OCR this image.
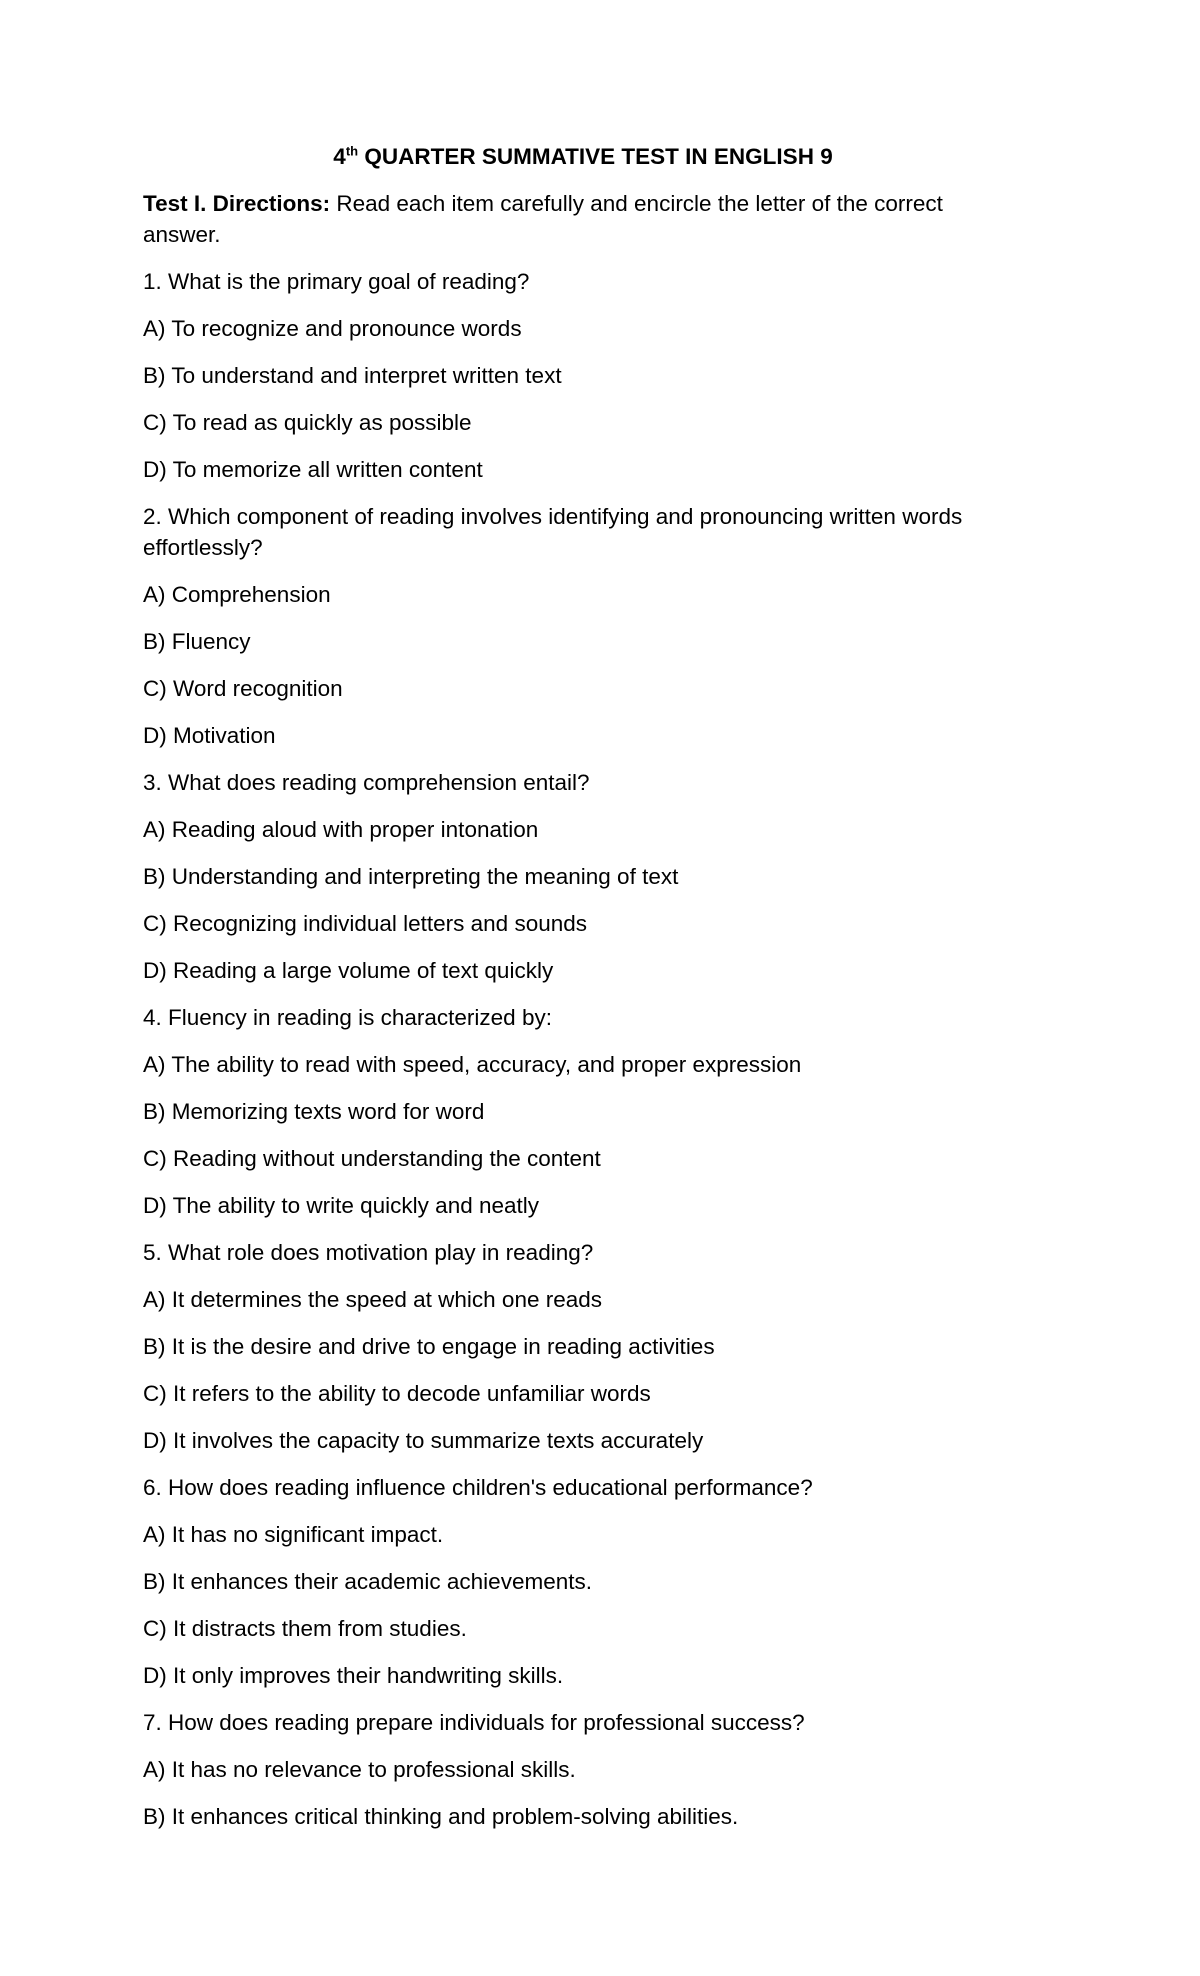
4th QUARTER SUMMATIVE TEST IN ENGLISH 9
Test I. Directions: Read each item carefully and encircle the letter of the correct answer.
1. What is the primary goal of reading?
A) To recognize and pronounce words
B) To understand and interpret written text
C) To read as quickly as possible
D) To memorize all written content
2. Which component of reading involves identifying and pronouncing written words effortlessly?
A) Comprehension
B) Fluency
C) Word recognition
D) Motivation
3. What does reading comprehension entail?
A) Reading aloud with proper intonation
B) Understanding and interpreting the meaning of text
C) Recognizing individual letters and sounds
D) Reading a large volume of text quickly
4. Fluency in reading is characterized by:
A) The ability to read with speed, accuracy, and proper expression
B) Memorizing texts word for word
C) Reading without understanding the content
D) The ability to write quickly and neatly
5. What role does motivation play in reading?
A) It determines the speed at which one reads
B) It is the desire and drive to engage in reading activities
C) It refers to the ability to decode unfamiliar words
D) It involves the capacity to summarize texts accurately
6. How does reading influence children's educational performance?
A) It has no significant impact.
B) It enhances their academic achievements.
C) It distracts them from studies.
D) It only improves their handwriting skills.
7. How does reading prepare individuals for professional success?
A) It has no relevance to professional skills.
B) It enhances critical thinking and problem-solving abilities.
